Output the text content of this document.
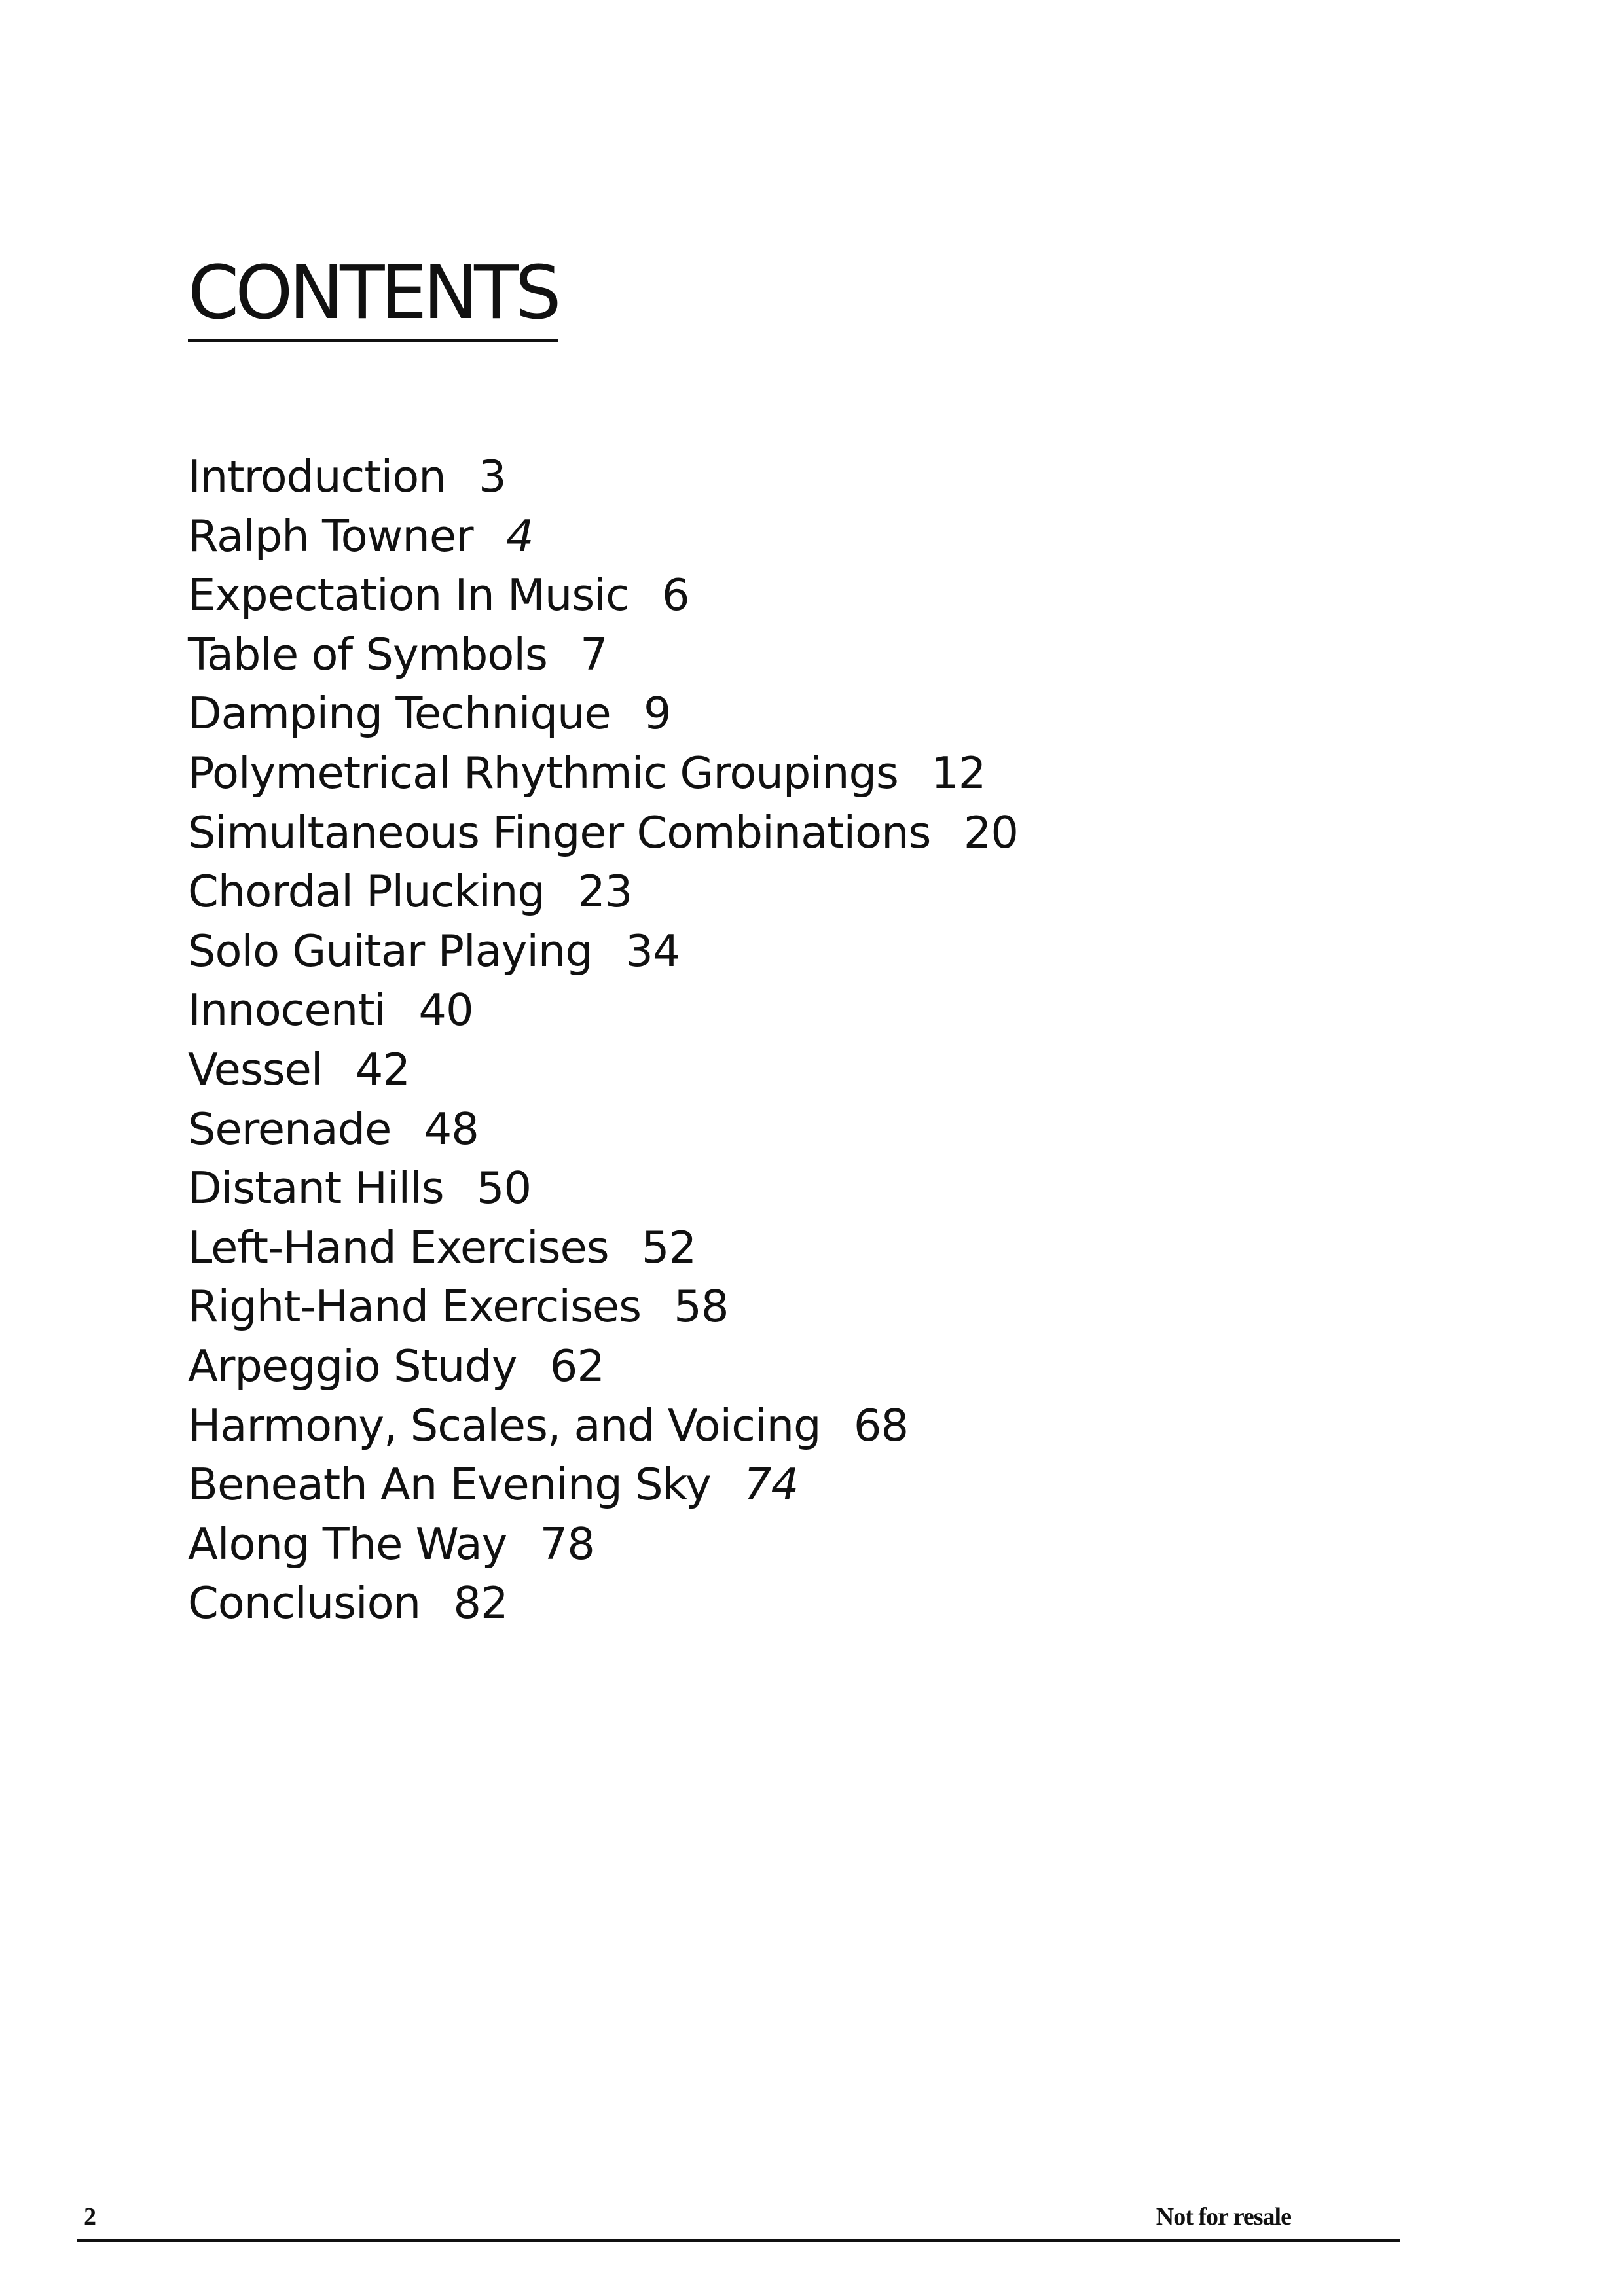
CONTENTS
Introduction 3
Ralph Towner 4
Expectation In Music 6
Table of Symbols 7
Damping Technique 9
Polymetrical Rhythmic Groupings 12
Simultaneous Finger Combinations 20
Chordal Plucking 23
Solo Guitar Playing 34
Innocenti 40
Vessel 42
Serenade 48
Distant Hills 50
Left-Hand Exercises 52
Right-Hand Exercises 58
Arpeggio Study 62
Harmony, Scales, and Voicing 68
Beneath An Evening Sky 74
Along The Way 78
Conclusion 82
2	Not for resale
